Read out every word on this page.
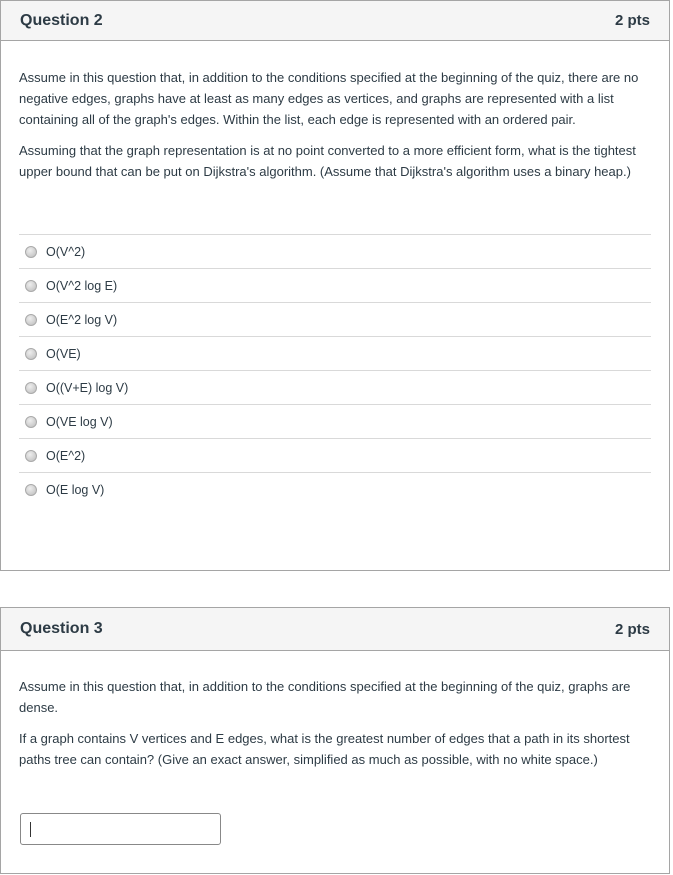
Question 2	2 pts

Assume in this question that, in addition to the conditions specified at the beginning of the quiz, there are no negative edges, graphs have at least as many edges as vertices, and graphs are represented with a list containing all of the graph's edges. Within the list, each edge is represented with an ordered pair.

Assuming that the graph representation is at no point converted to a more efficient form, what is the tightest upper bound that can be put on Dijkstra's algorithm. (Assume that Dijkstra's algorithm uses a binary heap.)

O(V^2)
O(V^2 log E)
O(E^2 log V)
O(VE)
O((V+E) log V)
O(VE log V)
O(E^2)
O(E log V)
Question 3	2 pts

Assume in this question that, in addition to the conditions specified at the beginning of the quiz, graphs are dense.

If a graph contains V vertices and E edges, what is the greatest number of edges that a path in its shortest paths tree can contain? (Give an exact answer, simplified as much as possible, with no white space.)
